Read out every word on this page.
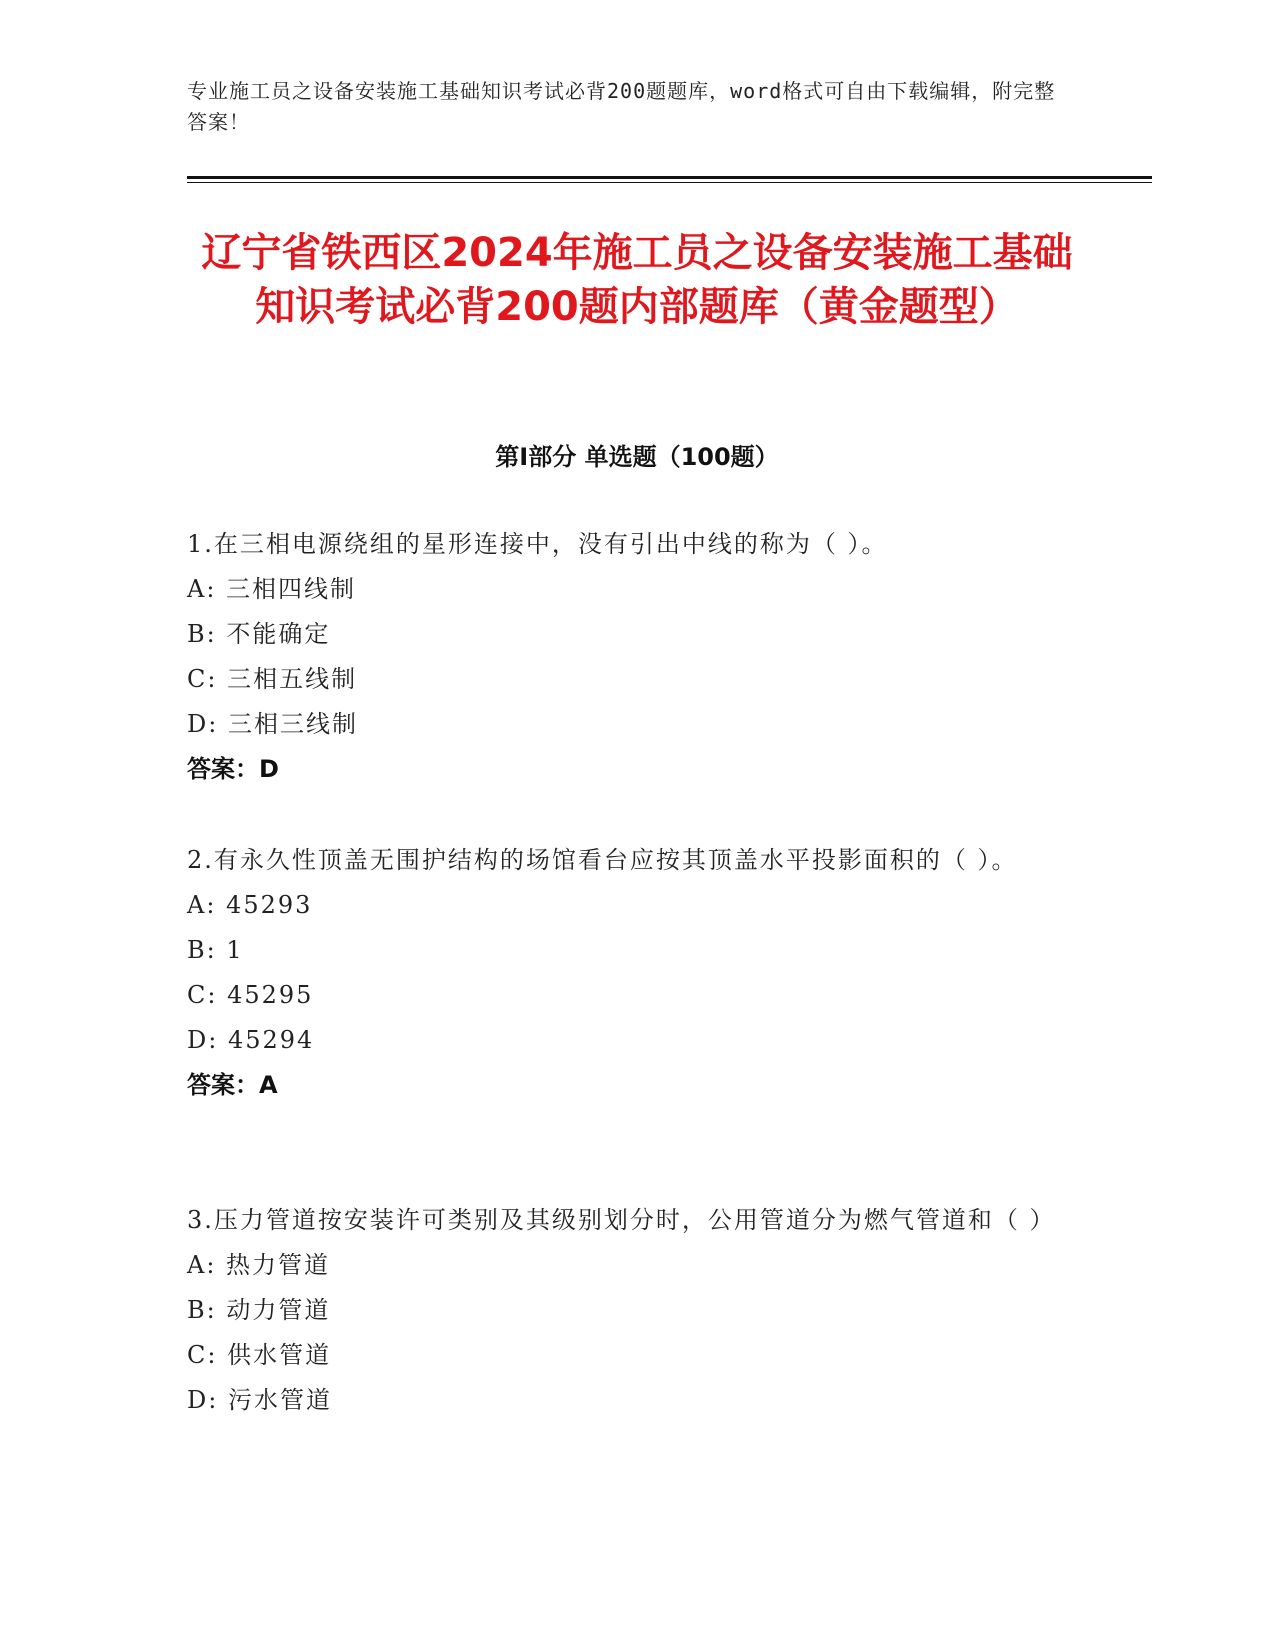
专业施工员之设备安装施工基础知识考试必背200题题库，word格式可自由下载编辑，附完整答案！
辽宁省铁西区2024年施工员之设备安装施工基础知识考试必背200题内部题库（黄金题型）
第I部分 单选题（100题）

1.在三相电源绕组的星形连接中，没有引出中线的称为（ ）。

A: 三相四线制

B: 不能确定

C: 三相五线制

D: 三相三线制

答案：D

2.有永久性顶盖无围护结构的场馆看台应按其顶盖水平投影面积的（ ）。

A: 45293

B: 1

C: 45295

D: 45294

答案：A

3.压力管道按安装许可类别及其级别划分时，公用管道分为燃气管道和（ ）

A: 热力管道

B: 动力管道

C: 供水管道

D: 污水管道
